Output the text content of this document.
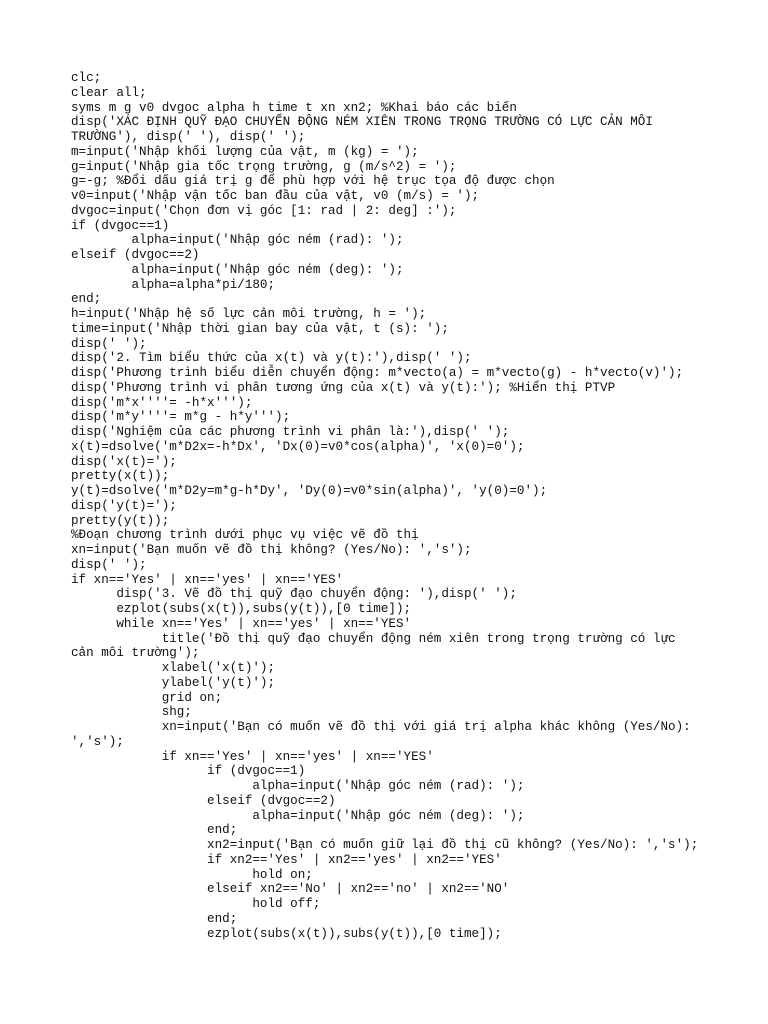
clc;
clear all;
syms m g v0 dvgoc alpha h time t xn xn2; %Khai báo các biến
disp('XÁC ĐỊNH QUỸ ĐẠO CHUYỂN ĐỘNG NÉM XIÊN TRONG TRỌNG TRƯỜNG CÓ LỰC CẢN MÔI
TRƯỜNG'), disp(' '), disp(' ');
m=input('Nhập khối lượng của vật, m (kg) = ');
g=input('Nhập gia tốc trọng trường, g (m/s^2) = ');
g=-g; %Đổi dấu giá trị g để phù hợp với hệ trục tọa độ được chọn
v0=input('Nhập vận tốc ban đầu của vật, v0 (m/s) = ');
dvgoc=input('Chọn đơn vị góc [1: rad | 2: deg] :');
if (dvgoc==1)
alpha=input('Nhập góc ném (rad): ');
elseif (dvgoc==2)
alpha=input('Nhập góc ném (deg): ');
alpha=alpha*pi/180;
end;
h=input('Nhập hệ số lực cản môi trường, h = ');
time=input('Nhập thời gian bay của vật, t (s): ');
disp(' ');
disp('2. Tìm biểu thức của x(t) và y(t):'),disp(' ');
disp('Phương trình biểu diễn chuyển động: m*vecto(a) = m*vecto(g) - h*vecto(v)');
disp('Phương trình vi phân tương ứng của x(t) và y(t):'); %Hiển thị PTVP
disp('m*x''''= -h*x''');
disp('m*y''''= m*g - h*y''');
disp('Nghiệm của các phương trình vi phân là:'),disp(' ');
x(t)=dsolve('m*D2x=-h*Dx', 'Dx(0)=v0*cos(alpha)', 'x(0)=0');
disp('x(t)=');
pretty(x(t));
y(t)=dsolve('m*D2y=m*g-h*Dy', 'Dy(0)=v0*sin(alpha)', 'y(0)=0');
disp('y(t)=');
pretty(y(t));
%Đoạn chương trình dưới phục vụ việc vẽ đồ thị
xn=input('Bạn muốn vẽ đồ thị không? (Yes/No): ','s');
disp(' ');
if xn=='Yes' | xn=='yes' | xn=='YES'
disp('3. Vẽ đồ thị quỹ đạo chuyển động: '),disp(' ');
ezplot(subs(x(t)),subs(y(t)),[0 time]);
while xn=='Yes' | xn=='yes' | xn=='YES'
title('Đồ thị quỹ đạo chuyển động ném xiên trong trọng trường có lực
cản môi trường');
xlabel('x(t)');
ylabel('y(t)');
grid on;
shg;
xn=input('Bạn có muốn vẽ đồ thị với giá trị alpha khác không (Yes/No):
','s');
if xn=='Yes' | xn=='yes' | xn=='YES'
if (dvgoc==1)
alpha=input('Nhập góc ném (rad): ');
elseif (dvgoc==2)
alpha=input('Nhập góc ném (deg): ');
end;
xn2=input('Bạn có muốn giữ lại đồ thị cũ không? (Yes/No): ','s');
if xn2=='Yes' | xn2=='yes' | xn2=='YES'
hold on;
elseif xn2=='No' | xn2=='no' | xn2=='NO'
hold off;
end;
ezplot(subs(x(t)),subs(y(t)),[0 time]);
